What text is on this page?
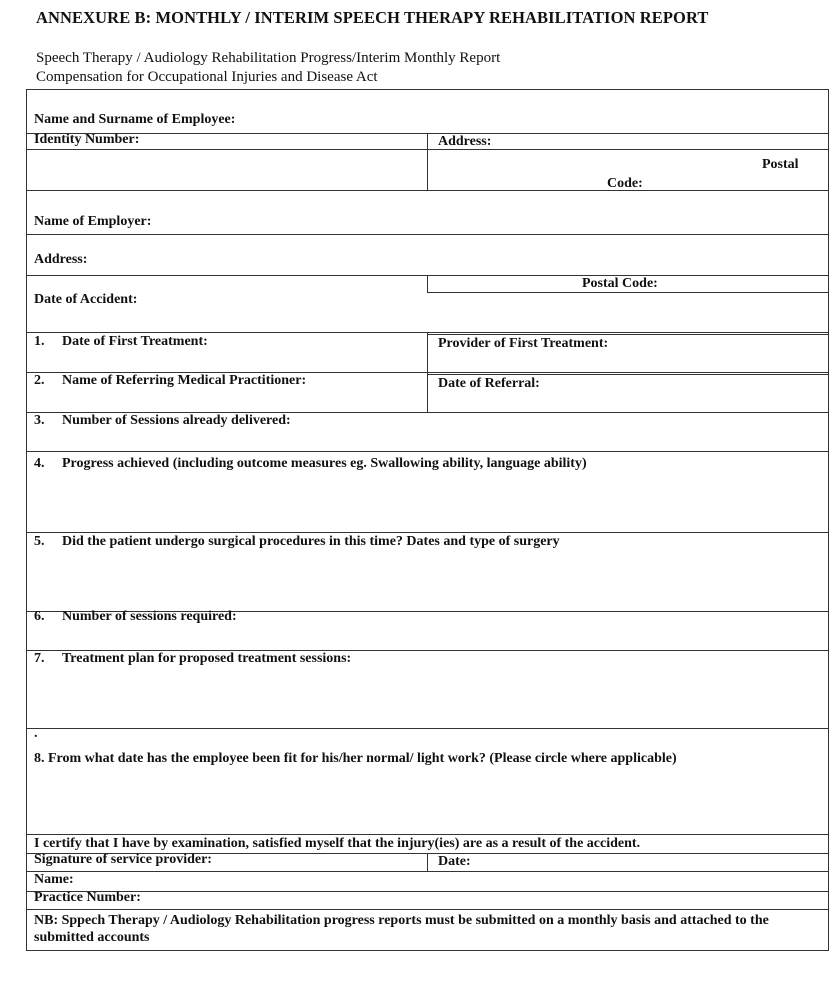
ANNEXURE B: MONTHLY / INTERIM SPEECH THERAPY REHABILITATION REPORT
Speech Therapy / Audiology Rehabilitation Progress/Interim Monthly Report
Compensation for Occupational Injuries and Disease Act
Name and Surname of Employee:
Identity Number:	Address:
Postal
Code:
Name of Employer:
Address:
Postal Code:
Date of Accident:
1. Date of First Treatment:	Provider of First Treatment:
2. Name of Referring Medical Practitioner:	Date of Referral:
3. Number of Sessions already delivered:
4. Progress achieved (including outcome measures eg. Swallowing ability, language ability)
5. Did the patient undergo surgical procedures in this time? Dates and type of surgery
6. Number of sessions required:
7. Treatment plan for proposed treatment sessions:
.
8. From what date has the employee been fit for his/her normal/ light work? (Please circle where applicable)
I certify that I have by examination, satisfied myself that the injury(ies) are as a result of the accident.
Signature of service provider:	Date:
Name:
Practice Number:
NB: Sppech Therapy / Audiology Rehabilitation progress reports must be submitted on a monthly basis and attached to the submitted accounts
